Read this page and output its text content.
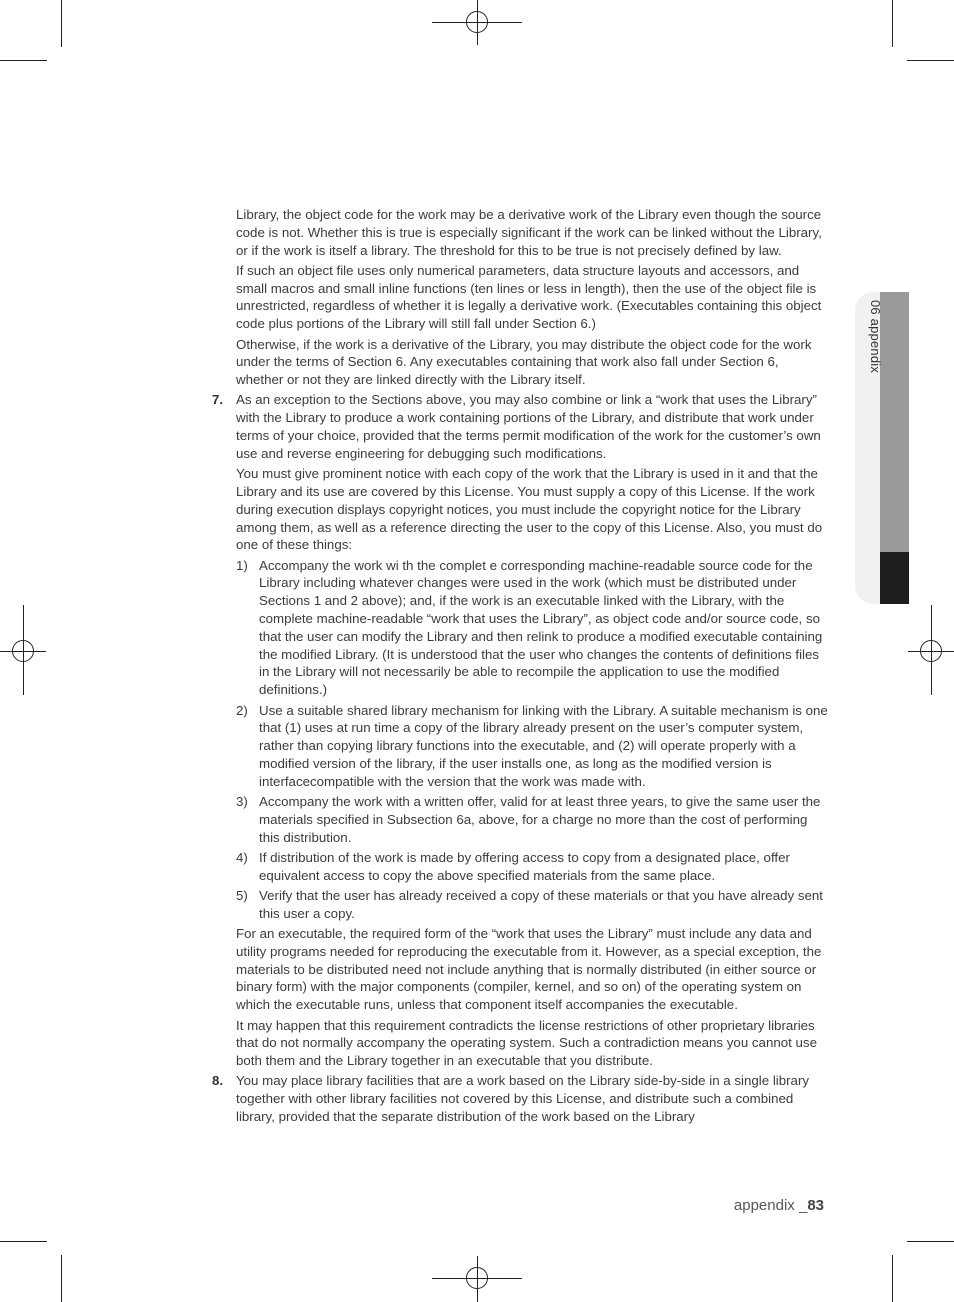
06 appendix

Library, the object code for the work may be a derivative work of the Library even though the source code is not. Whether this is true is especially significant if the work can be linked without the Library, or if the work is itself a library. The threshold for this to be true is not precisely defined by law.

If such an object file uses only numerical parameters, data structure layouts and accessors, and small macros and small inline functions (ten lines or less in length), then the use of the object file is unrestricted, regardless of whether it is legally a derivative work. (Executables containing this object code plus portions of the Library will still fall under Section 6.)

Otherwise, if the work is a derivative of the Library, you may distribute the object code for the work under the terms of Section 6. Any executables containing that work also fall under Section 6, whether or not they are linked directly with the Library itself.

7. As an exception to the Sections above, you may also combine or link a “work that uses the Library” with the Library to produce a work containing portions of the Library, and distribute that work under terms of your choice, provided that the terms permit modification of the work for the customer’s own use and reverse engineering for debugging such modifications.

You must give prominent notice with each copy of the work that the Library is used in it and that the Library and its use are covered by this License. You must supply a copy of this License. If the work during execution displays copyright notices, you must include the copyright notice for the Library among them, as well as a reference directing the user to the copy of this License. Also, you must do one of these things:

1) Accompany the work wi th the complet e corresponding machine-readable source code for the Library including whatever changes were used in the work (which must be distributed under Sections 1 and 2 above); and, if the work is an executable linked with the Library, with the complete machine-readable “work that uses the Library”, as object code and/or source code, so that the user can modify the Library and then relink to produce a modified executable containing the modified Library. (It is understood that the user who changes the contents of definitions files in the Library will not necessarily be able to recompile the application to use the modified definitions.)
2) Use a suitable shared library mechanism for linking with the Library. A suitable mechanism is one that (1) uses at run time a copy of the library already present on the user’s computer system, rather than copying library functions into the executable, and (2) will operate properly with a modified version of the library, if the user installs one, as long as the modified version is interfacecompatible with the version that the work was made with.
3) Accompany the work with a written offer, valid for at least three years, to give the same user the materials specified in Subsection 6a, above, for a charge no more than the cost of performing this distribution.
4) If distribution of the work is made by offering access to copy from a designated place, offer equivalent access to copy the above specified materials from the same place.
5) Verify that the user has already received a copy of these materials or that you have already sent this user a copy.

For an executable, the required form of the “work that uses the Library” must include any data and utility programs needed for reproducing the executable from it. However, as a special exception, the materials to be distributed need not include anything that is normally distributed (in either source or binary form) with the major components (compiler, kernel, and so on) of the operating system on which the executable runs, unless that component itself accompanies the executable.

It may happen that this requirement contradicts the license restrictions of other proprietary libraries that do not normally accompany the operating system. Such a contradiction means you cannot use both them and the Library together in an executable that you distribute.

8. You may place library facilities that are a work based on the Library side-by-side in a single library together with other library facilities not covered by this License, and distribute such a combined library, provided that the separate distribution of the work based on the Library
appendix _83
